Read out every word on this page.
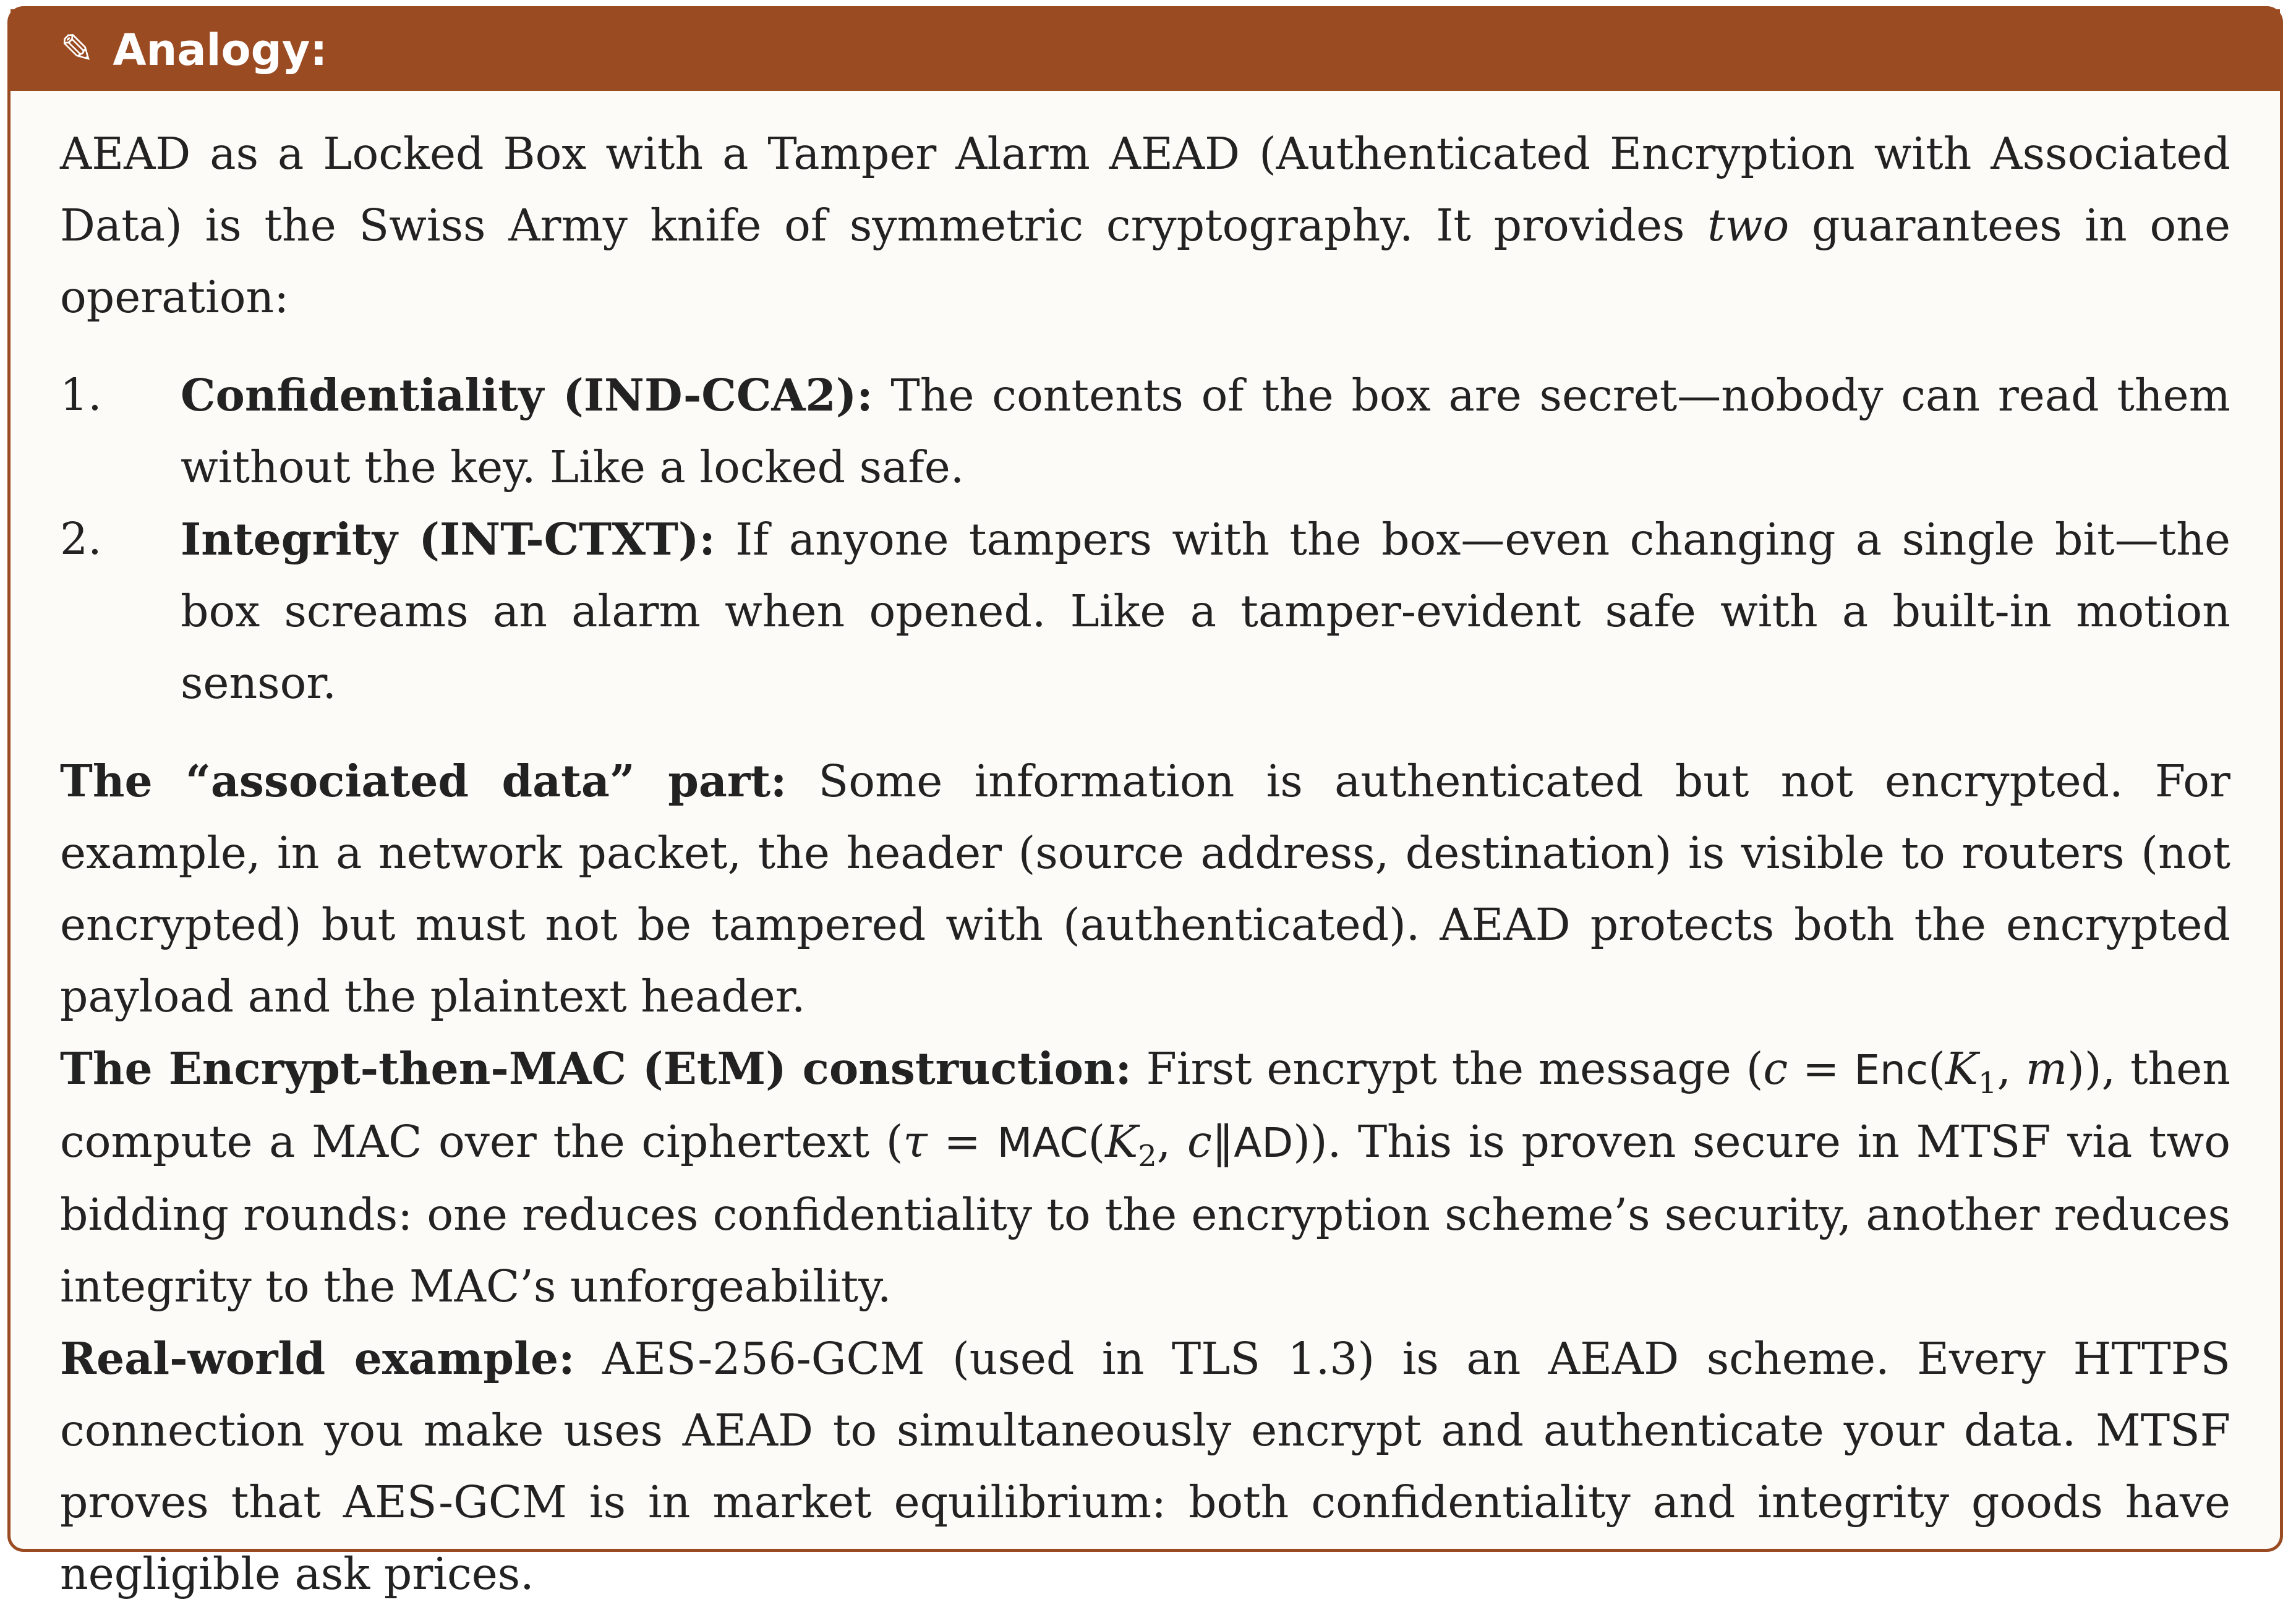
✎ Analogy:

AEAD as a Locked Box with a Tamper Alarm AEAD (Authenticated Encryption with Associated Data) is the Swiss Army knife of symmetric cryptography. It provides two guarantees in one operation:

1.	Confidentiality (IND-CCA2): The contents of the box are secret—nobody can read them without the key. Like a locked safe.
2.	Integrity (INT-CTXT): If anyone tampers with the box—even changing a single bit—the box screams an alarm when opened. Like a tamper-evident safe with a built-in motion sensor.

The “associated data” part: Some information is authenticated but not encrypted. For example, in a network packet, the header (source address, destination) is visible to routers (not encrypted) but must not be tampered with (authenticated). AEAD protects both the encrypted payload and the plaintext header.

The Encrypt-then-MAC (EtM) construction: First encrypt the message ($c = Enc(K_1$, m)), then compute a MAC over the ciphertext ($\tau = MAC(K_2$, c‖AD)). This is proven secure in MTSF via two bidding rounds: one reduces confidentiality to the encryption scheme’s security, another reduces integrity to the MAC’s unforgeability.

Real-world example: AES-256-GCM (used in TLS 1.3) is an AEAD scheme. Every HTTPS connection you make uses AEAD to simultaneously encrypt and authenticate your data. MTSF proves that AES-GCM is in market equilibrium: both confidentiality and integrity goods have negligible ask prices.
